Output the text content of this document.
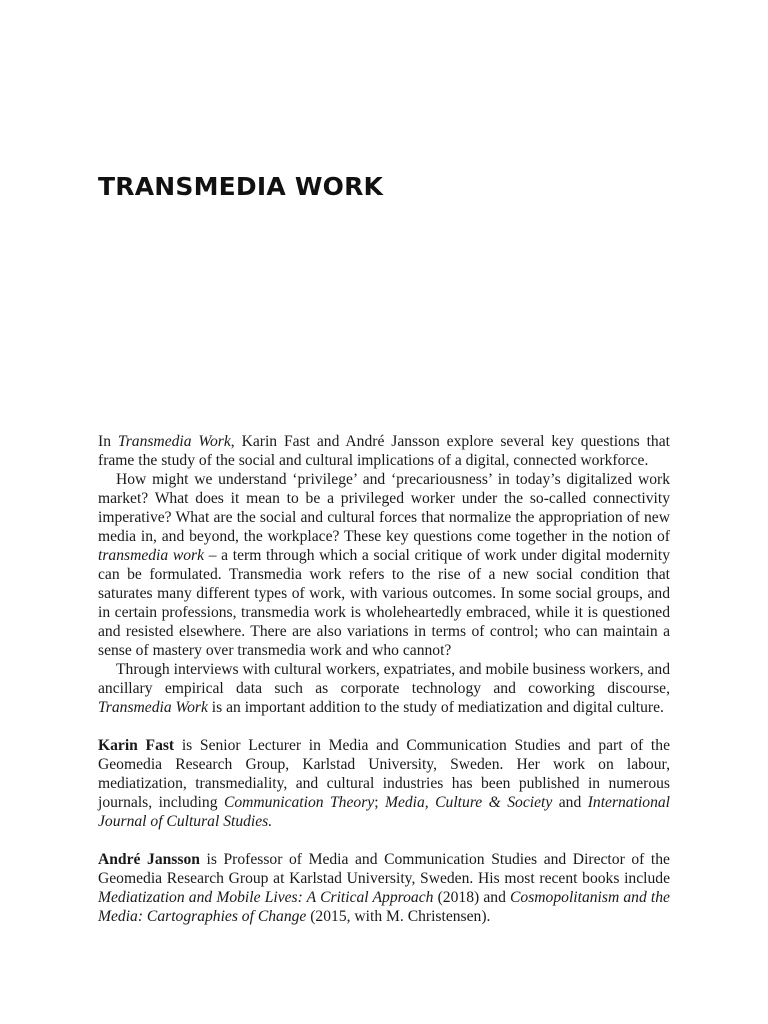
TRANSMEDIA WORK

In Transmedia Work, Karin Fast and André Jansson explore several key questions that frame the study of the social and cultural implications of a digital, connected workforce.

How might we understand ‘privilege’ and ‘precariousness’ in today’s digitalized work market? What does it mean to be a privileged worker under the so-called connectivity imperative? What are the social and cultural forces that normalize the appropriation of new media in, and beyond, the workplace? These key questions come together in the notion of transmedia work – a term through which a social critique of work under digital modernity can be formulated. Transmedia work refers to the rise of a new social condition that saturates many different types of work, with various outcomes. In some social groups, and in certain professions, transmedia work is wholeheartedly embraced, while it is questioned and resisted elsewhere. There are also variations in terms of control; who can maintain a sense of mastery over transmedia work and who cannot?

Through interviews with cultural workers, expatriates, and mobile business workers, and ancillary empirical data such as corporate technology and coworking discourse, Transmedia Work is an important addition to the study of mediatization and digital culture.

Karin Fast is Senior Lecturer in Media and Communication Studies and part of the Geomedia Research Group, Karlstad University, Sweden. Her work on labour, mediatization, transmediality, and cultural industries has been published in numerous journals, including Communication Theory; Media, Culture & Society and International Journal of Cultural Studies.

André Jansson is Professor of Media and Communication Studies and Director of the Geomedia Research Group at Karlstad University, Sweden. His most recent books include Mediatization and Mobile Lives: A Critical Approach (2018) and Cosmopolitanism and the Media: Cartographies of Change (2015, with M. Christensen).
